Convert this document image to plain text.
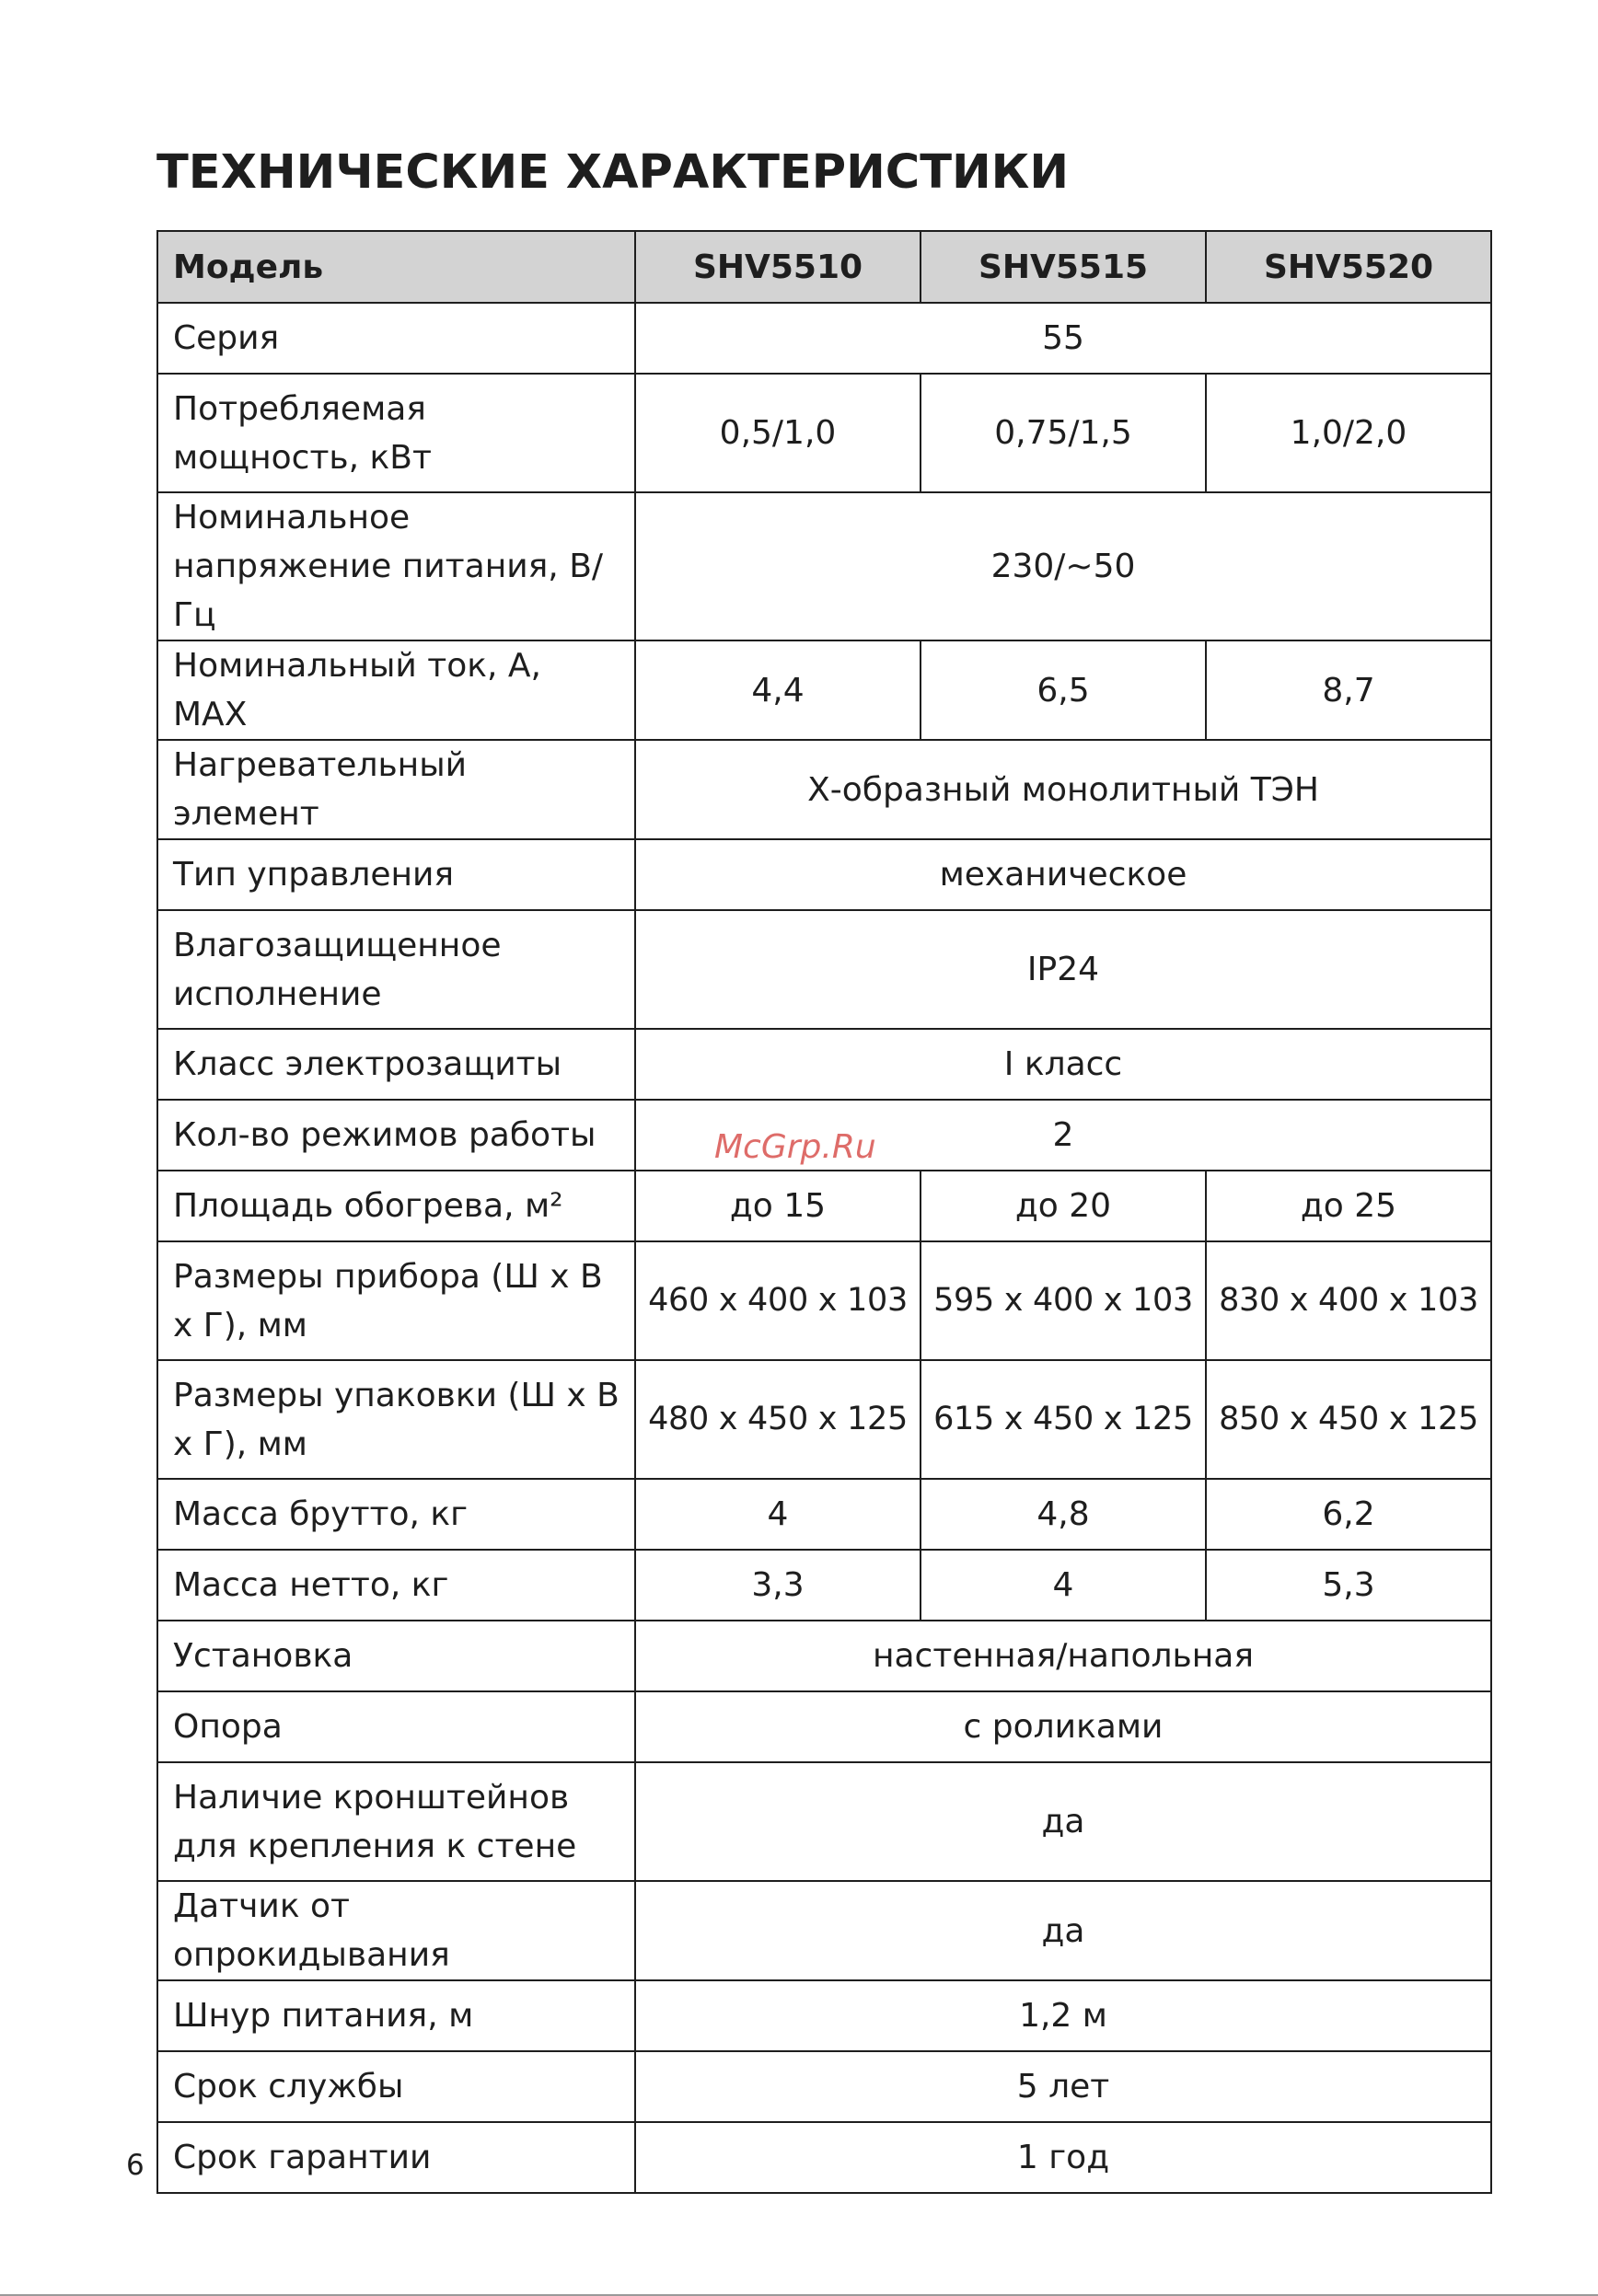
ТЕХНИЧЕСКИЕ ХАРАКТЕРИСТИКИ
Модель	SHV5510	SHV5515	SHV5520
Серия	55		
Потребляемая мощность, кВт	0,5/1,0	0,75/1,5	1,0/2,0
Номинальное напряжение питания, В/Гц	230/~50		
Номинальный ток, А, MAX	4,4	6,5	8,7
Нагревательный элемент	Х-образный монолитный ТЭН		
Тип управления	механическое		
Влагозащищенное исполнение	IP24		
Класс электрозащиты	I класс		
Кол-во режимов работы	2		
Площадь обогрева, м²	до 15	до 20	до 25
Размеры прибора (Ш х В х Г), мм	460 х 400 х 103	595 х 400 х 103	830 х 400 х 103
Размеры упаковки (Ш х В х Г), мм	480 х 450 х 125	615 х 450 х 125	850 х 450 х 125
Масса брутто, кг	4	4,8	6,2
Масса нетто, кг	3,3	4	5,3
Установка	настенная/напольная		
Опора	с роликами		
Наличие кронштейнов для крепления к стене	да		
Датчик от опрокидывания	да		
Шнур питания, м	1,2 м		
Срок службы	5 лет		
Срок гарантии	1 год		
McGrp.Ru
6
